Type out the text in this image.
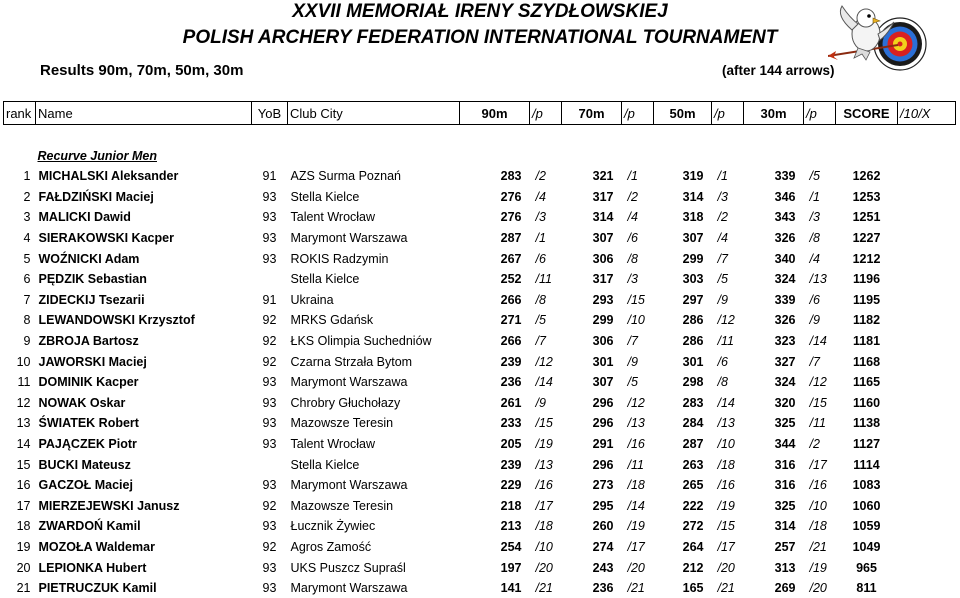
XXVII MEMORIAŁ IRENY SZYDŁOWSKIEJ
POLISH ARCHERY FEDERATION INTERNATIONAL TOURNAMENT
Results 90m, 70m, 50m, 30m	(after 144 arrows)
rank	Name	YoB	Club City	90m	/p	70m	/p	50m	/p	30m	/p	SCORE	/10/X

	Recurve Junior Men												
1	MICHALSKI Aleksander	91	AZS Surma Poznań	283	/2	321	/1	319	/1	339	/5	1262	
2	FAŁDZIŃSKI Maciej	93	Stella Kielce	276	/4	317	/2	314	/3	346	/1	1253	
3	MALICKI Dawid	93	Talent Wrocław	276	/3	314	/4	318	/2	343	/3	1251	
4	SIERAKOWSKI Kacper	93	Marymont Warszawa	287	/1	307	/6	307	/4	326	/8	1227	
5	WOŹNICKI Adam	93	ROKIS Radzymin	267	/6	306	/8	299	/7	340	/4	1212	
6	PĘDZIK Sebastian		Stella Kielce	252	/11	317	/3	303	/5	324	/13	1196	
7	ZIDECKIJ Tsezarii	91	Ukraina	266	/8	293	/15	297	/9	339	/6	1195	
8	LEWANDOWSKI Krzysztof	92	MRKS Gdańsk	271	/5	299	/10	286	/12	326	/9	1182	
9	ZBROJA Bartosz	92	ŁKS Olimpia Suchedniów	266	/7	306	/7	286	/11	323	/14	1181	
10	JAWORSKI Maciej	92	Czarna Strzała Bytom	239	/12	301	/9	301	/6	327	/7	1168	
11	DOMINIK Kacper	93	Marymont Warszawa	236	/14	307	/5	298	/8	324	/12	1165	
12	NOWAK Oskar	93	Chrobry Głuchołazy	261	/9	296	/12	283	/14	320	/15	1160	
13	ŚWIATEK Robert	93	Mazowsze Teresin	233	/15	296	/13	284	/13	325	/11	1138	
14	PAJĄCZEK Piotr	93	Talent Wrocław	205	/19	291	/16	287	/10	344	/2	1127	
15	BUCKI Mateusz		Stella Kielce	239	/13	296	/11	263	/18	316	/17	1114	
16	GACZOŁ Maciej	93	Marymont Warszawa	229	/16	273	/18	265	/16	316	/16	1083	
17	MIERZEJEWSKI Janusz	92	Mazowsze Teresin	218	/17	295	/14	222	/19	325	/10	1060	
18	ZWARDOŃ Kamil	93	Łucznik Żywiec	213	/18	260	/19	272	/15	314	/18	1059	
19	MOZOŁA Waldemar	92	Agros Zamość	254	/10	274	/17	264	/17	257	/21	1049	
20	LEPIONKA Hubert	93	UKS Puszcz Supraśl	197	/20	243	/20	212	/20	313	/19	965	
21	PIETRUCZUK Kamil	93	Marymont Warszawa	141	/21	236	/21	165	/21	269	/20	811	
